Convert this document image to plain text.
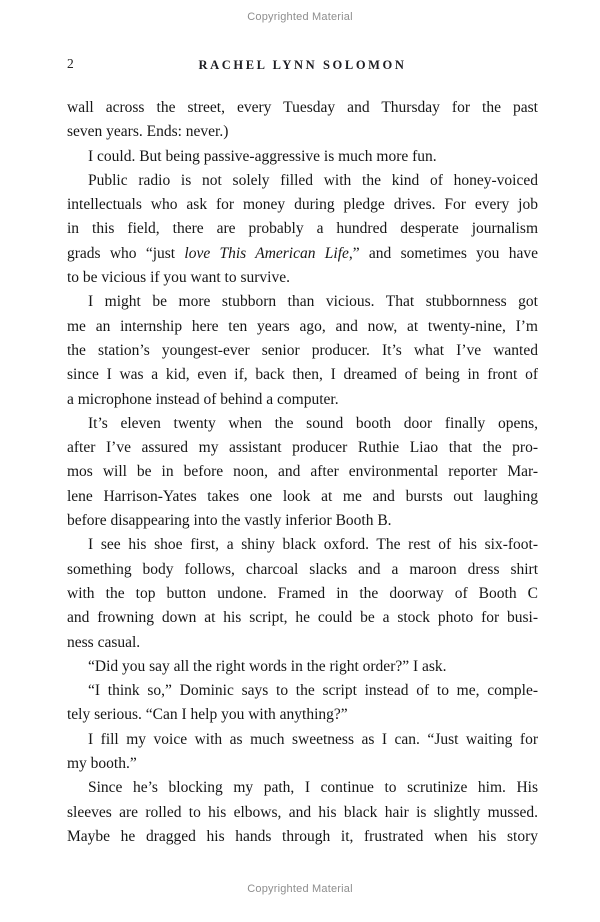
Copyrighted Material
2	RACHEL LYNN SOLOMON
wall across the street, every Tuesday and Thursday for the past
seven years. Ends: never.)
I could. But being passive-aggressive is much more fun.
Public radio is not solely filled with the kind of honey-voiced
intellectuals who ask for money during pledge drives. For every job
in this field, there are probably a hundred desperate journalism
grads who “just love This American Life,” and sometimes you have
to be vicious if you want to survive.
I might be more stubborn than vicious. That stubbornness got
me an internship here ten years ago, and now, at twenty-nine, I’m
the station’s youngest-ever senior producer. It’s what I’ve wanted
since I was a kid, even if, back then, I dreamed of being in front of
a microphone instead of behind a computer.
It’s eleven twenty when the sound booth door finally opens,
after I’ve assured my assistant producer Ruthie Liao that the pro-
mos will be in before noon, and after environmental reporter Mar-
lene Harrison-Yates takes one look at me and bursts out laughing
before disappearing into the vastly inferior Booth B.
I see his shoe first, a shiny black oxford. The rest of his six-foot-
something body follows, charcoal slacks and a maroon dress shirt
with the top button undone. Framed in the doorway of Booth C
and frowning down at his script, he could be a stock photo for busi-
ness casual.
“Did you say all the right words in the right order?” I ask.
“I think so,” Dominic says to the script instead of to me, comple-
tely serious. “Can I help you with anything?”
I fill my voice with as much sweetness as I can. “Just waiting for
my booth.”
Since he’s blocking my path, I continue to scrutinize him. His
sleeves are rolled to his elbows, and his black hair is slightly mussed.
Maybe he dragged his hands through it, frustrated when his story
Copyrighted Material
